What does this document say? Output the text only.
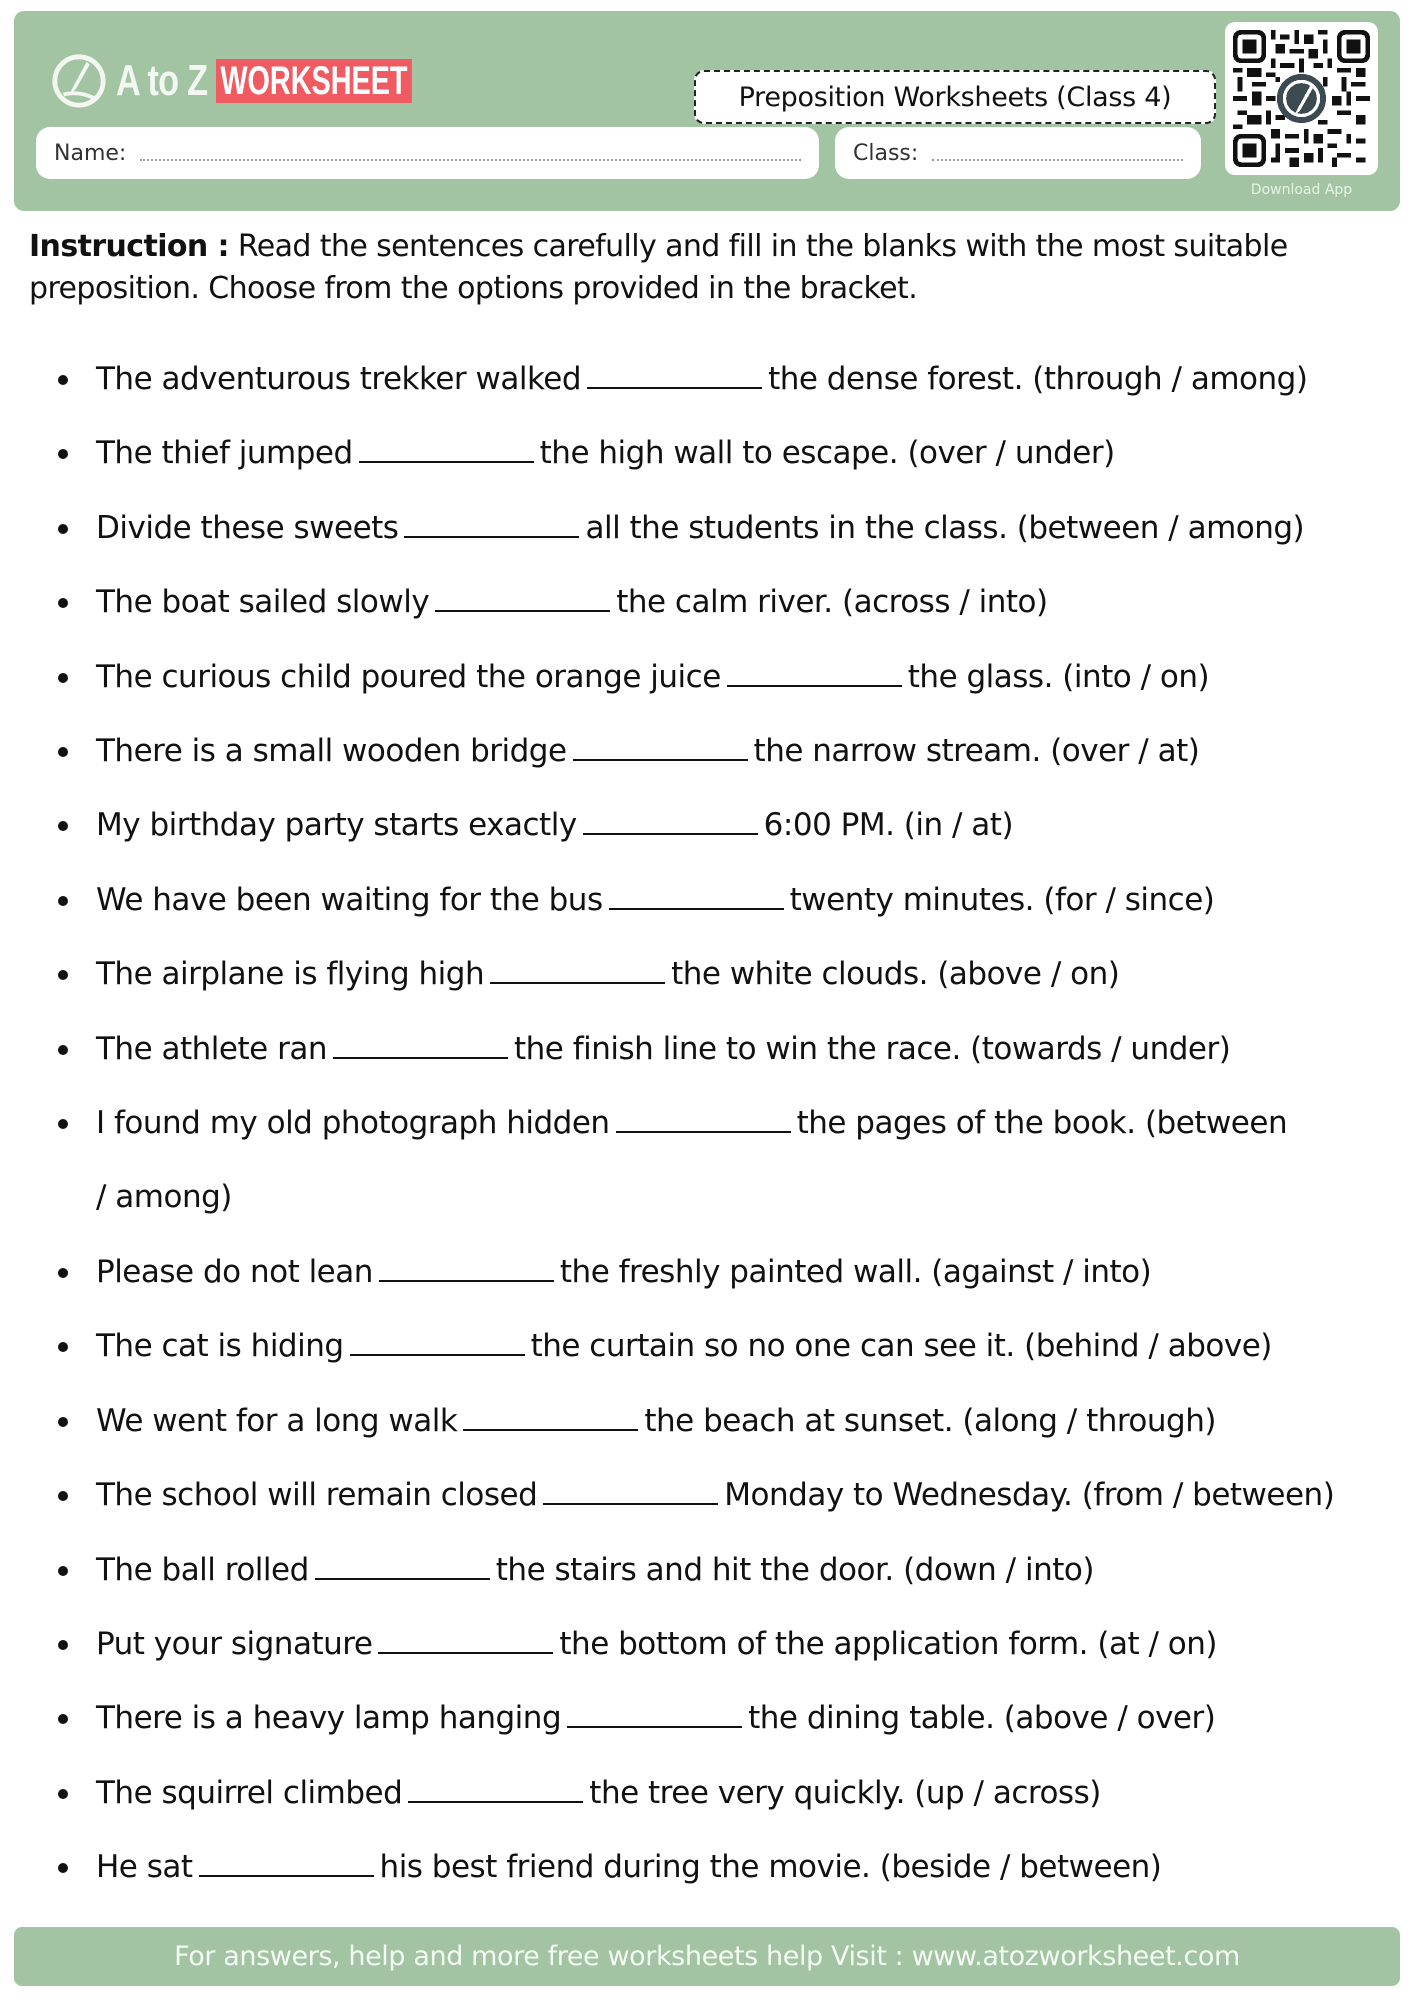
A to Z WORKSHEET	Preposition Worksheets (Class 4)
Name:	Class:
Download App

Instruction : Read the sentences carefully and fill in the blanks with the most suitable preposition. Choose from the options provided in the bracket.

The adventurous trekker walked	the dense forest. (through / among)
The thief jumped	the high wall to escape. (over / under)
Divide these sweets	all the students in the class. (between / among)
The boat sailed slowly	the calm river. (across / into)
The curious child poured the orange juice	the glass. (into / on)
There is a small wooden bridge	the narrow stream. (over / at)
My birthday party starts exactly	6:00 PM. (in / at)
We have been waiting for the bus	twenty minutes. (for / since)
The airplane is flying high	the white clouds. (above / on)
The athlete ran	the finish line to win the race. (towards / under)
I found my old photograph hidden	the pages of the book. (between / among)
Please do not lean	the freshly painted wall. (against / into)
The cat is hiding	the curtain so no one can see it. (behind / above)
We went for a long walk	the beach at sunset. (along / through)
The school will remain closed	Monday to Wednesday. (from / between)
The ball rolled	the stairs and hit the door. (down / into)
Put your signature	the bottom of the application form. (at / on)
There is a heavy lamp hanging	the dining table. (above / over)
The squirrel climbed	the tree very quickly. (up / across)
He sat	his best friend during the movie. (beside / between)
For answers, help and more free worksheets help Visit : www.atozworksheet.com
